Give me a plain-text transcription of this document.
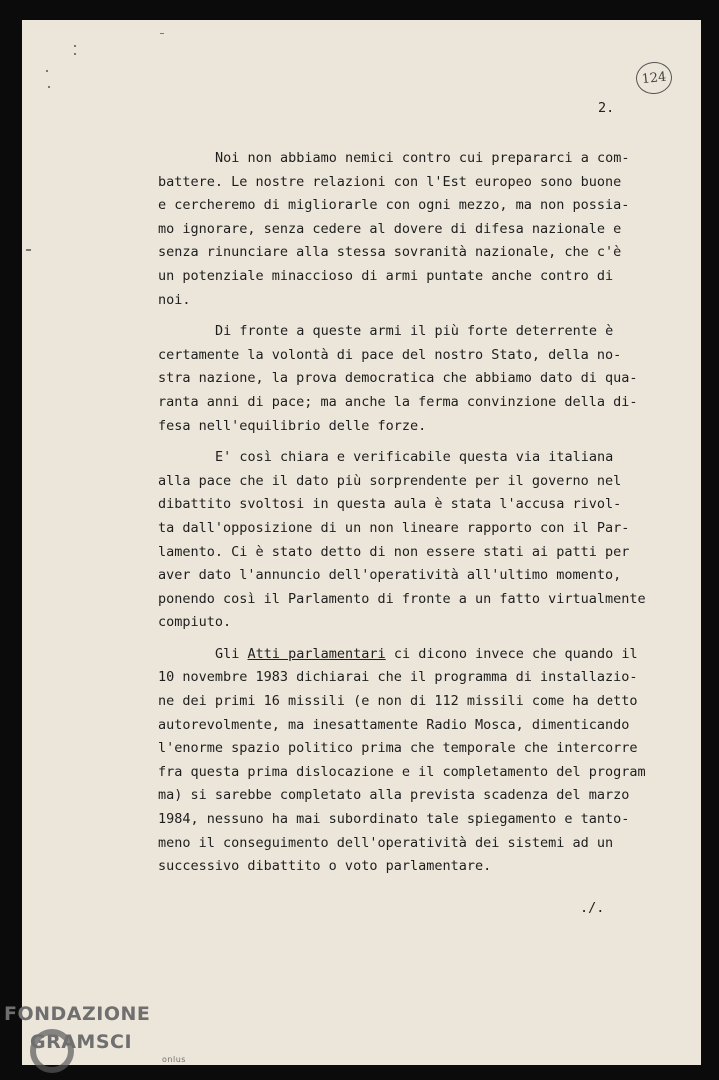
124
2.
Noi non abbiamo nemici contro cui prepararci a com-
battere. Le nostre relazioni con l'Est europeo sono buone
e cercheremo di migliorarle con ogni mezzo, ma non possia-
mo ignorare, senza cedere al dovere di difesa nazionale e
senza rinunciare alla stessa sovranità nazionale, che c'è
un potenziale minaccioso di armi puntate anche contro di
noi.
Di fronte a queste armi il più forte deterrente è
certamente la volontà di pace del nostro Stato, della no-
stra nazione, la prova democratica che abbiamo dato di qua-
ranta anni di pace; ma anche la ferma convinzione della di-
fesa nell'equilibrio delle forze.
E' così chiara e verificabile questa via italiana
alla pace che il dato più sorprendente per il governo nel
dibattito svoltosi in questa aula è stata l'accusa rivol-
ta dall'opposizione di un non lineare rapporto con il Par-
lamento. Ci è stato detto di non essere stati ai patti per
aver dato l'annuncio dell'operatività all'ultimo momento,
ponendo così il Parlamento di fronte a un fatto virtualmente
compiuto.
Gli Atti parlamentari ci dicono invece che quando il
10 novembre 1983 dichiarai che il programma di installazio-
ne dei primi 16 missili (e non di 112 missili come ha detto
autorevolmente, ma inesattamente Radio Mosca, dimenticando
l'enorme spazio politico prima che temporale che intercorre
fra questa prima dislocazione e il completamento del program
ma) si sarebbe completato alla prevista scadenza del marzo
1984, nessuno ha mai subordinato tale spiegamento e tanto-
meno il conseguimento dell'operatività dei sistemi ad un
successivo dibattito o voto parlamentare.
./.
FONDAZIONE
GRAMSCI
onlus
